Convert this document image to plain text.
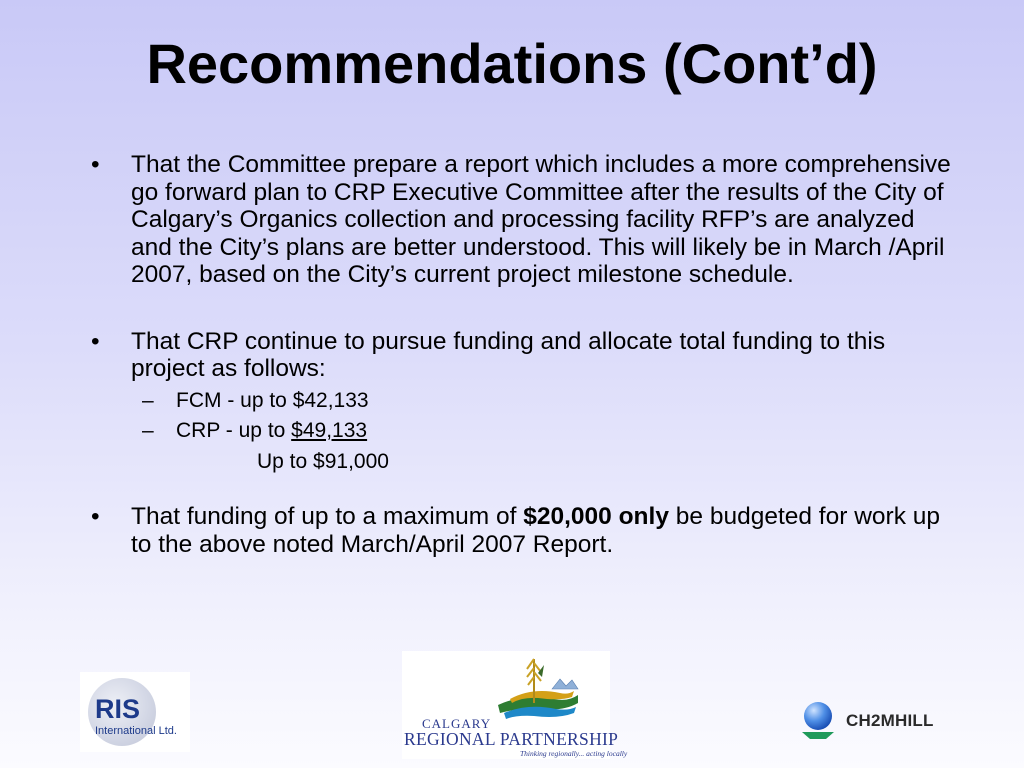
Recommendations (Cont’d)
• That the Committee prepare a report which includes a more comprehensive go forward plan to CRP Executive Committee after the results of the City of Calgary’s Organics collection and processing facility RFP’s are analyzed and the City’s plans are better understood. This will likely be in March /April 2007, based on the City’s current project milestone schedule.
• That CRP continue to pursue funding and allocate total funding to this project as follows:
– FCM - up to $42,133
– CRP - up to $49,133
Up to $91,000
• That funding of up to a maximum of $20,000 only be budgeted for work up to the above noted March/April 2007 Report.
RIS
International Ltd.	CALGARY
REGIONAL PARTNERSHIP
Thinking regionally... acting locally
CH2MHILL
